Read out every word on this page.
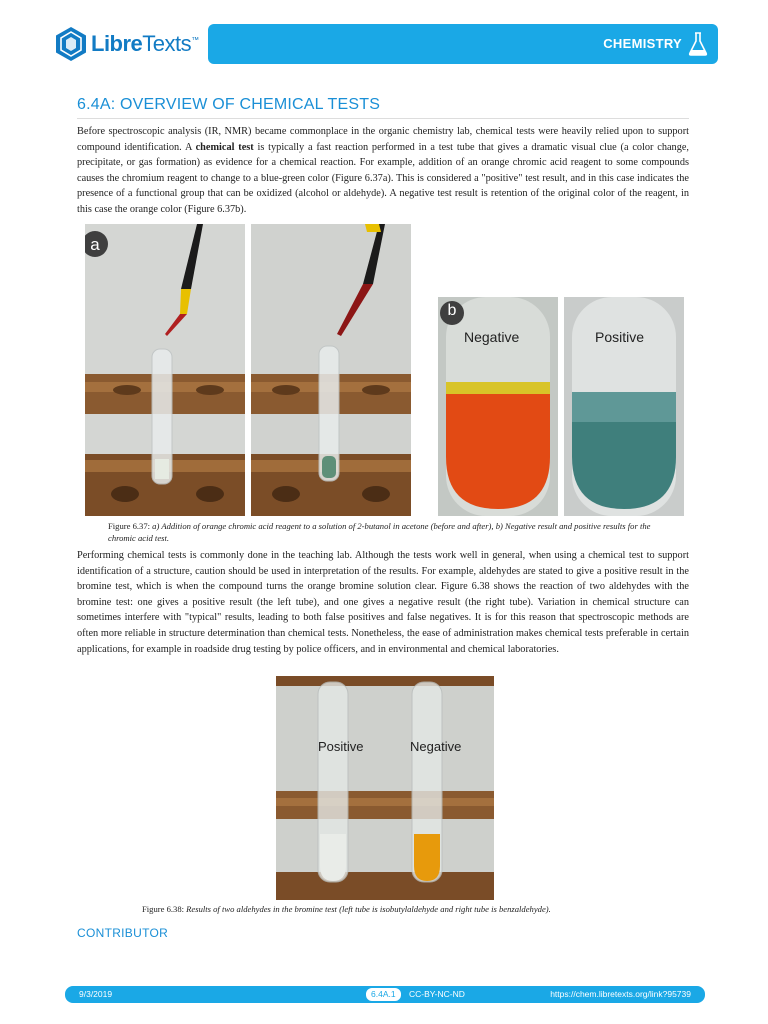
LibreTexts™	CHEMISTRY
6.4A: OVERVIEW OF CHEMICAL TESTS

Before spectroscopic analysis (IR, NMR) became commonplace in the organic chemistry lab, chemical tests were heavily relied upon to support compound identification. A chemical test is typically a fast reaction performed in a test tube that gives a dramatic visual clue (a color change, precipitate, or gas formation) as evidence for a chemical reaction. For example, addition of an orange chromic acid reagent to some compounds causes the chromium reagent to change to a blue-green color (Figure 6.37a). This is considered a "positive" test result, and in this case indicates the presence of a functional group that can be oxidized (alcohol or aldehyde). A negative test result is retention of the original color of the reagent, in this case the orange color (Figure 6.37b).

a
b
Negative	Positive
Figure 6.37: a) Addition of orange chromic acid reagent to a solution of 2-butanol in acetone (before and after), b) Negative result and positive results for the chromic acid test.

Performing chemical tests is commonly done in the teaching lab. Although the tests work well in general, when using a chemical test to support identification of a structure, caution should be used in interpretation of the results. For example, aldehydes are stated to give a positive result in the bromine test, which is when the compound turns the orange bromine solution clear. Figure 6.38 shows the reaction of two aldehydes with the bromine test: one gives a positive result (the left tube), and one gives a negative result (the right tube). Variation in chemical structure can sometimes interfere with "typical" results, leading to both false positives and false negatives. It is for this reason that spectroscopic methods are often more reliable in structure determination than chemical tests. Nonetheless, the ease of administration makes chemical tests preferable in certain applications, for example in roadside drug testing by police officers, and in environmental and chemical laboratories.

Positive	Negative
Figure 6.38: Results of two aldehydes in the bromine test (left tube is isobutylaldehyde and right tube is benzaldehyde).
CONTRIBUTOR
9/3/2019	6.4A.1	CC-BY-NC-ND	https://chem.libretexts.org/link?95739
